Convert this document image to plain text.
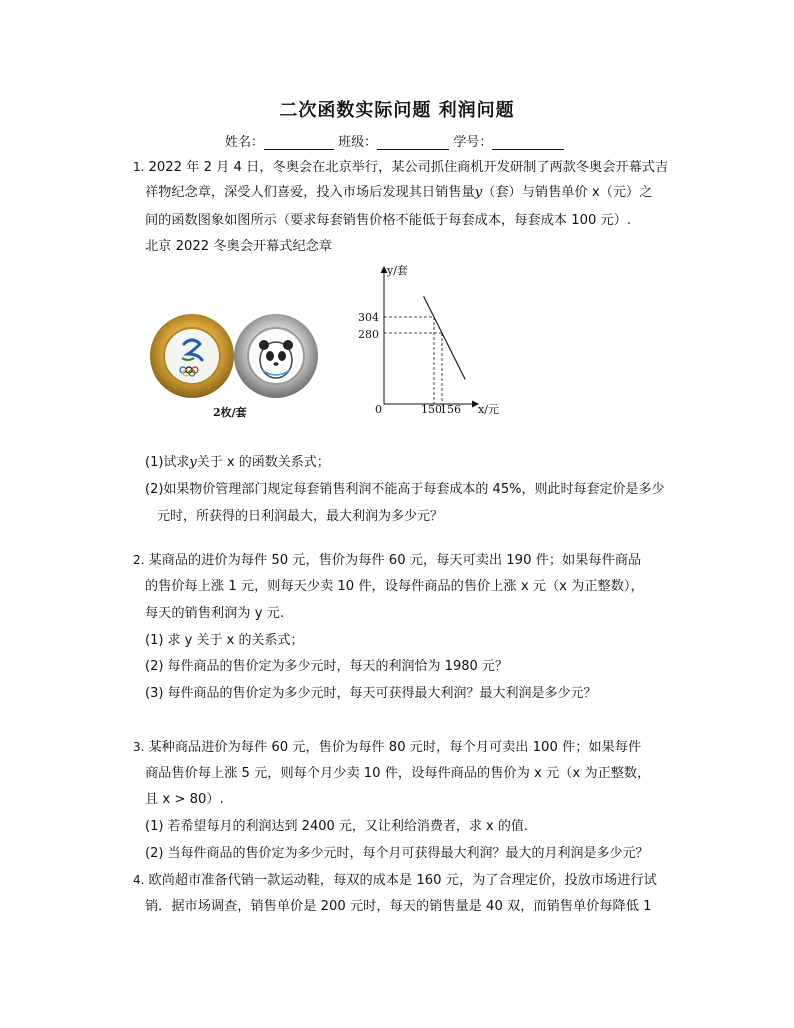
二次函数实际问题 利润问题
姓名：	班级：	学号：
1. 2022 年 2 月 4 日，冬奥会在北京举行，某公司抓住商机开发研制了两款冬奥会开幕式吉
祥物纪念章，深受人们喜爱，投入市场后发现其日销售量y（套）与销售单价 x（元）之
间的函数图象如图所示（要求每套销售价格不能低于每套成本，每套成本 100 元）.
北京 2022 冬奥会开幕式纪念章
2枚/套
y/套
x/元
0
304
280
150
156
(1)试求y关于 x 的函数关系式；
(2)如果物价管理部门规定每套销售利润不能高于每套成本的 45%，则此时每套定价是多少
元时，所获得的日利润最大，最大利润为多少元？
2. 某商品的进价为每件 50 元，售价为每件 60 元，每天可卖出 190 件；如果每件商品
的售价每上涨 1 元，则每天少卖 10 件，设每件商品的售价上涨 x 元（x 为正整数），
每天的销售利润为 y 元.
(1) 求 y 关于 x 的关系式；
(2) 每件商品的售价定为多少元时，每天的利润恰为 1980 元？
(3) 每件商品的售价定为多少元时，每天可获得最大利润？最大利润是多少元？
3. 某种商品进价为每件 60 元，售价为每件 80 元时，每个月可卖出 100 件；如果每件
商品售价每上涨 5 元，则每个月少卖 10 件，设每件商品的售价为 x 元（x 为正整数，
且 x > 80）.
(1) 若希望每月的利润达到 2400 元，又让利给消费者，求 x 的值.
(2) 当每件商品的售价定为多少元时，每个月可获得最大利润？最大的月利润是多少元？
4. 欧尚超市准备代销一款运动鞋，每双的成本是 160 元，为了合理定价，投放市场进行试
销．据市场调查，销售单价是 200 元时，每天的销售量是 40 双，而销售单价每降低 1
